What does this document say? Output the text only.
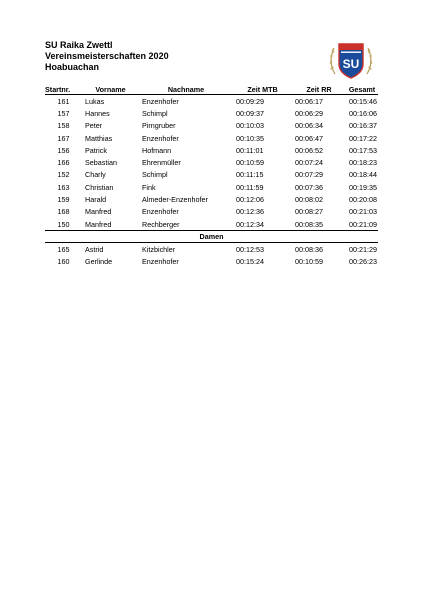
SU Raika Zwettl
Vereinsmeisterschaften 2020
Hoabuachan	SU
Startnr.	Vorname	Nachname	Zeit MTB	Zeit RR	Gesamt
161	Lukas	Enzenhofer	00:09:29	00:06:17	00:15:46
157	Hannes	Schimpl	00:09:37	00:06:29	00:16:06
158	Peter	Pirngruber	00:10:03	00:06:34	00:16:37
167	Matthias	Enzenhofer	00:10:35	00:06:47	00:17:22
156	Patrick	Hofmann	00:11:01	00:06:52	00:17:53
166	Sebastian	Ehrenmüller	00:10:59	00:07:24	00:18:23
152	Charly	Schimpl	00:11:15	00:07:29	00:18:44
163	Christian	Fink	00:11:59	00:07:36	00:19:35
159	Harald	Almeder-Enzenhofer	00:12:06	00:08:02	00:20:08
168	Manfred	Enzenhofer	00:12:36	00:08:27	00:21:03
150	Manfred	Rechberger	00:12:34	00:08:35	00:21:09
Damen					
165	Astrid	Kitzbichler	00:12:53	00:08:36	00:21:29
160	Gerlinde	Enzenhofer	00:15:24	00:10:59	00:26:23
